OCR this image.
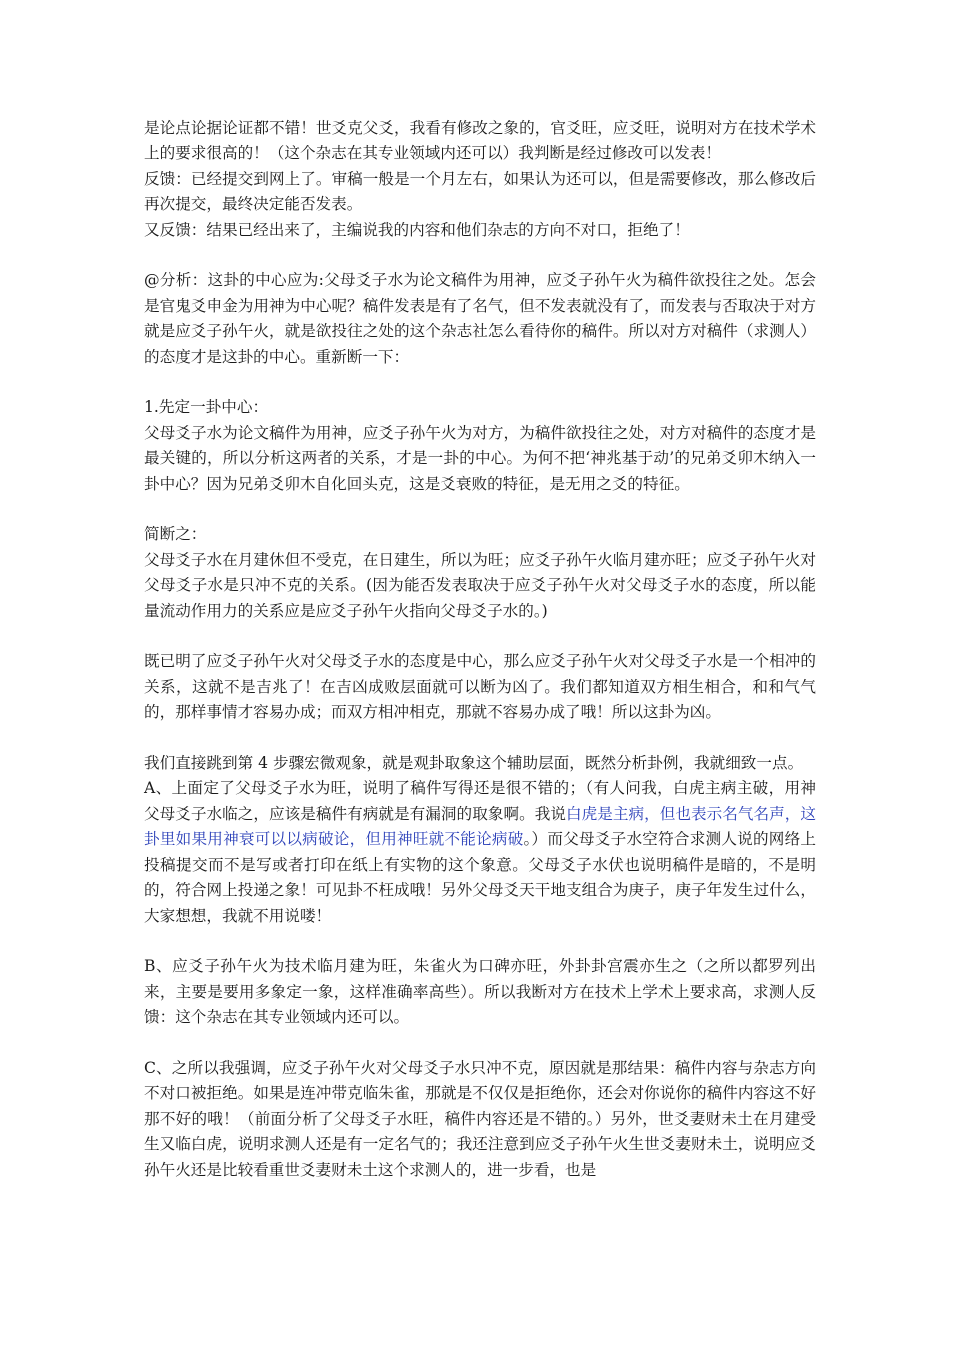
是论点论据论证都不错！世爻克父爻，我看有修改之象的，官爻旺，应爻旺，说明对方在技术学术上的要求很高的！（这个杂志在其专业领域内还可以）我判断是经过修改可以发表！

反馈：已经提交到网上了。审稿一般是一个月左右，如果认为还可以，但是需要修改，那么修改后再次提交，最终决定能否发表。

又反馈：结果已经出来了，主编说我的内容和他们杂志的方向不对口，拒绝了！

@分析：这卦的中心应为:父母爻子水为论文稿件为用神，应爻子孙午火为稿件欲投往之处。怎会是官鬼爻申金为用神为中心呢？稿件发表是有了名气，但不发表就没有了，而发表与否取决于对方就是应爻子孙午火，就是欲投往之处的这个杂志社怎么看待你的稿件。所以对方对稿件（求测人）的态度才是这卦的中心。重新断一下：

1.先定一卦中心：

父母爻子水为论文稿件为用神，应爻子孙午火为对方，为稿件欲投往之处，对方对稿件的态度才是最关键的，所以分析这两者的关系，才是一卦的中心。为何不把‘神兆基于动’的兄弟爻卯木纳入一卦中心？因为兄弟爻卯木自化回头克，这是爻衰败的特征，是无用之爻的特征。

简断之：

父母爻子水在月建休但不受克，在日建生，所以为旺；应爻子孙午火临月建亦旺；应爻子孙午火对父母爻子水是只冲不克的关系。(因为能否发表取决于应爻子孙午火对父母爻子水的态度，所以能量流动作用力的关系应是应爻子孙午火指向父母爻子水的。)

既已明了应爻子孙午火对父母爻子水的态度是中心，那么应爻子孙午火对父母爻子水是一个相冲的关系，这就不是吉兆了！在吉凶成败层面就可以断为凶了。我们都知道双方相生相合，和和气气的，那样事情才容易办成；而双方相冲相克，那就不容易办成了哦！所以这卦为凶。

我们直接跳到第 4 步骤宏微观象，就是观卦取象这个辅助层面，既然分析卦例，我就细致一点。

A、上面定了父母爻子水为旺，说明了稿件写得还是很不错的；（有人问我，白虎主病主破，用神父母爻子水临之，应该是稿件有病就是有漏洞的取象啊。我说白虎是主病，但也表示名气名声，这卦里如果用神衰可以以病破论，但用神旺就不能论病破。）而父母爻子水空符合求测人说的网络上投稿提交而不是写或者打印在纸上有实物的这个象意。父母爻子水伏也说明稿件是暗的，不是明的，符合网上投递之象！可见卦不枉成哦！另外父母爻天干地支组合为庚子，庚子年发生过什么，大家想想，我就不用说喽！

B、应爻子孙午火为技术临月建为旺，朱雀火为口碑亦旺，外卦卦宫震亦生之（之所以都罗列出来，主要是要用多象定一象，这样准确率高些）。所以我断对方在技术上学术上要求高，求测人反馈：这个杂志在其专业领域内还可以。

C、之所以我强调，应爻子孙午火对父母爻子水只冲不克，原因就是那结果：稿件内容与杂志方向不对口被拒绝。如果是连冲带克临朱雀，那就是不仅仅是拒绝你，还会对你说你的稿件内容这不好那不好的哦！（前面分析了父母爻子水旺，稿件内容还是不错的。）另外，世爻妻财未土在月建受生又临白虎，说明求测人还是有一定名气的；我还注意到应爻子孙午火生世爻妻财未土，说明应爻孙午火还是比较看重世爻妻财未土这个求测人的，进一步看，也是
